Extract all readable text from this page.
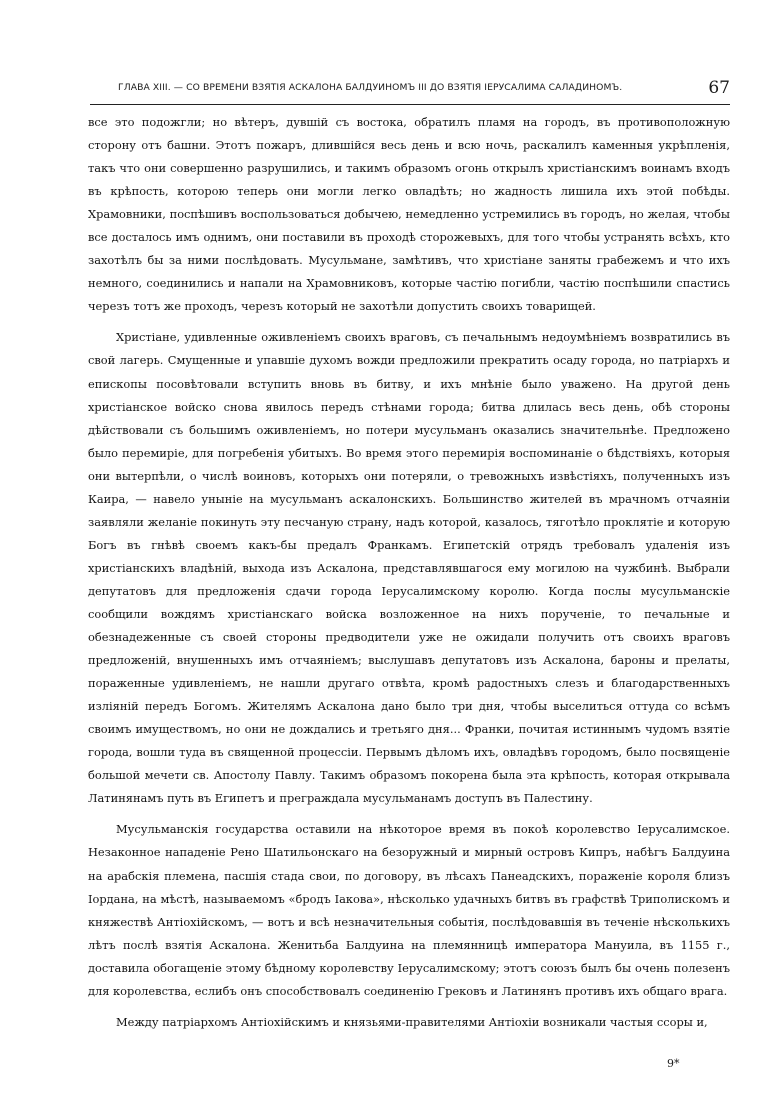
ГЛАВА XIII. — СО ВРЕМЕНИ ВЗЯТІЯ АСКАЛОНА БАЛДУИНОМЪ III ДО ВЗЯТІЯ ІЕРУСАЛИМА САЛАДИНОМЪ.	67

все это подожгли; но вѣтеръ, дувшій съ востока, обратилъ пламя на городъ, въ противоположную сторону отъ башни. Этотъ пожаръ, длившійся весь день и всю ночь, раскалилъ каменныя укрѣпленія, такъ что они совершенно разрушились, и такимъ образомъ огонь открылъ христіанскимъ воинамъ входъ въ крѣпость, которою теперь они могли легко овладѣть; но жадность лишила ихъ этой побѣды. Храмовники, поспѣшивъ воспользоваться добычею, немедленно устремились въ городъ, но желая, чтобы все досталось имъ однимъ, они поставили въ проходѣ сторожевыхъ, для того чтобы устранять всѣхъ, кто захотѣлъ бы за ними послѣдовать. Мусульмане, замѣтивъ, что христіане заняты грабежемъ и что ихъ немного, соединились и напали на Храмовниковъ, которые частію погибли, частію поспѣшили спастись черезъ тотъ же проходъ, черезъ который не захотѣли допустить своихъ товарищей.

Христіане, удивленные оживленіемъ своихъ враговъ, съ печальнымъ недоумѣніемъ возвратились въ свой лагерь. Смущенные и упавшіе духомъ вожди предложили прекратить осаду города, но патріархъ и епископы посовѣтовали вступить вновь въ битву, и ихъ мнѣніе было уважено. На другой день христіанское войско снова явилось передъ стѣнами города; битва длилась весь день, обѣ стороны дѣйствовали съ большимъ оживленіемъ, но потери мусульманъ оказались значительнѣе. Предложено было перемиріе, для погребенія убитыхъ. Во время этого перемирія воспоминаніе о бѣдствіяхъ, которыя они вытерпѣли, о числѣ воиновъ, которыхъ они потеряли, о тревожныхъ извѣстіяхъ, полученныхъ изъ Каира, — навело уныніе на мусульманъ аскалонскихъ. Большинство жителей въ мрачномъ отчаяніи заявляли желаніе покинуть эту песчаную страну, надъ которой, казалось, тяготѣло проклятіе и которую Богъ въ гнѣвѣ своемъ какъ-бы предалъ Франкамъ. Египетскій отрядъ требовалъ удаленія изъ христіанскихъ владѣній, выхода изъ Аскалона, представлявшагося ему могилою на чужбинѣ. Выбрали депутатовъ для предложенія сдачи города Іерусалимскому королю. Когда послы мусульманскіе сообщили вождямъ христіанскаго войска возложенное на нихъ порученіе, то печальные и обезнадеженные съ своей стороны предводители уже не ожидали получить отъ своихъ враговъ предложеній, внушенныхъ имъ отчаяніемъ; выслушавъ депутатовъ изъ Аскалона, бароны и прелаты, пораженные удивленіемъ, не нашли другаго отвѣта, кромѣ радостныхъ слезъ и благодарственныхъ изліяній передъ Богомъ. Жителямъ Аскалона дано было три дня, чтобы выселиться оттуда со всѣмъ своимъ имуществомъ, но они не дождались и третьяго дня... Франки, почитая истиннымъ чудомъ взятіе города, вошли туда въ священной процессіи. Первымъ дѣломъ ихъ, овладѣвъ городомъ, было посвященіе большой мечети св. Апостолу Павлу. Такимъ образомъ покорена была эта крѣпость, которая открывала Латинянамъ путь въ Египетъ и преграждала мусульманамъ доступъ въ Палестину.

Мусульманскія государства оставили на нѣкоторое время въ покоѣ королевство Іерусалимское. Незаконное нападеніе Рено Шатильонскаго на безоружный и мирный островъ Кипръ, набѣгъ Балдуина на арабскія племена, пасшія стада свои, по договору, въ лѣсахъ Панеадскихъ, пораженіе короля близъ Іордана, на мѣстѣ, называемомъ «бродъ Іакова», нѣсколько удачныхъ битвъ въ графствѣ Триполискомъ и княжествѣ Антіохійскомъ, — вотъ и всѣ незначительныя событія, послѣдовавшія въ теченіе нѣсколькихъ лѣтъ послѣ взятія Аскалона. Женитьба Балдуина на племянницѣ императора Мануила, въ 1155 г., доставила обогащеніе этому бѣдному королевству Іерусалимскому; этотъ союзъ былъ бы очень полезенъ для королевства, еслибъ онъ способствовалъ соединенію Грековъ и Латинянъ противъ ихъ общаго врага.

Между патріархомъ Антіохійскимъ и князьями-правителями Антіохіи возникали частыя ссоры и,

9*
